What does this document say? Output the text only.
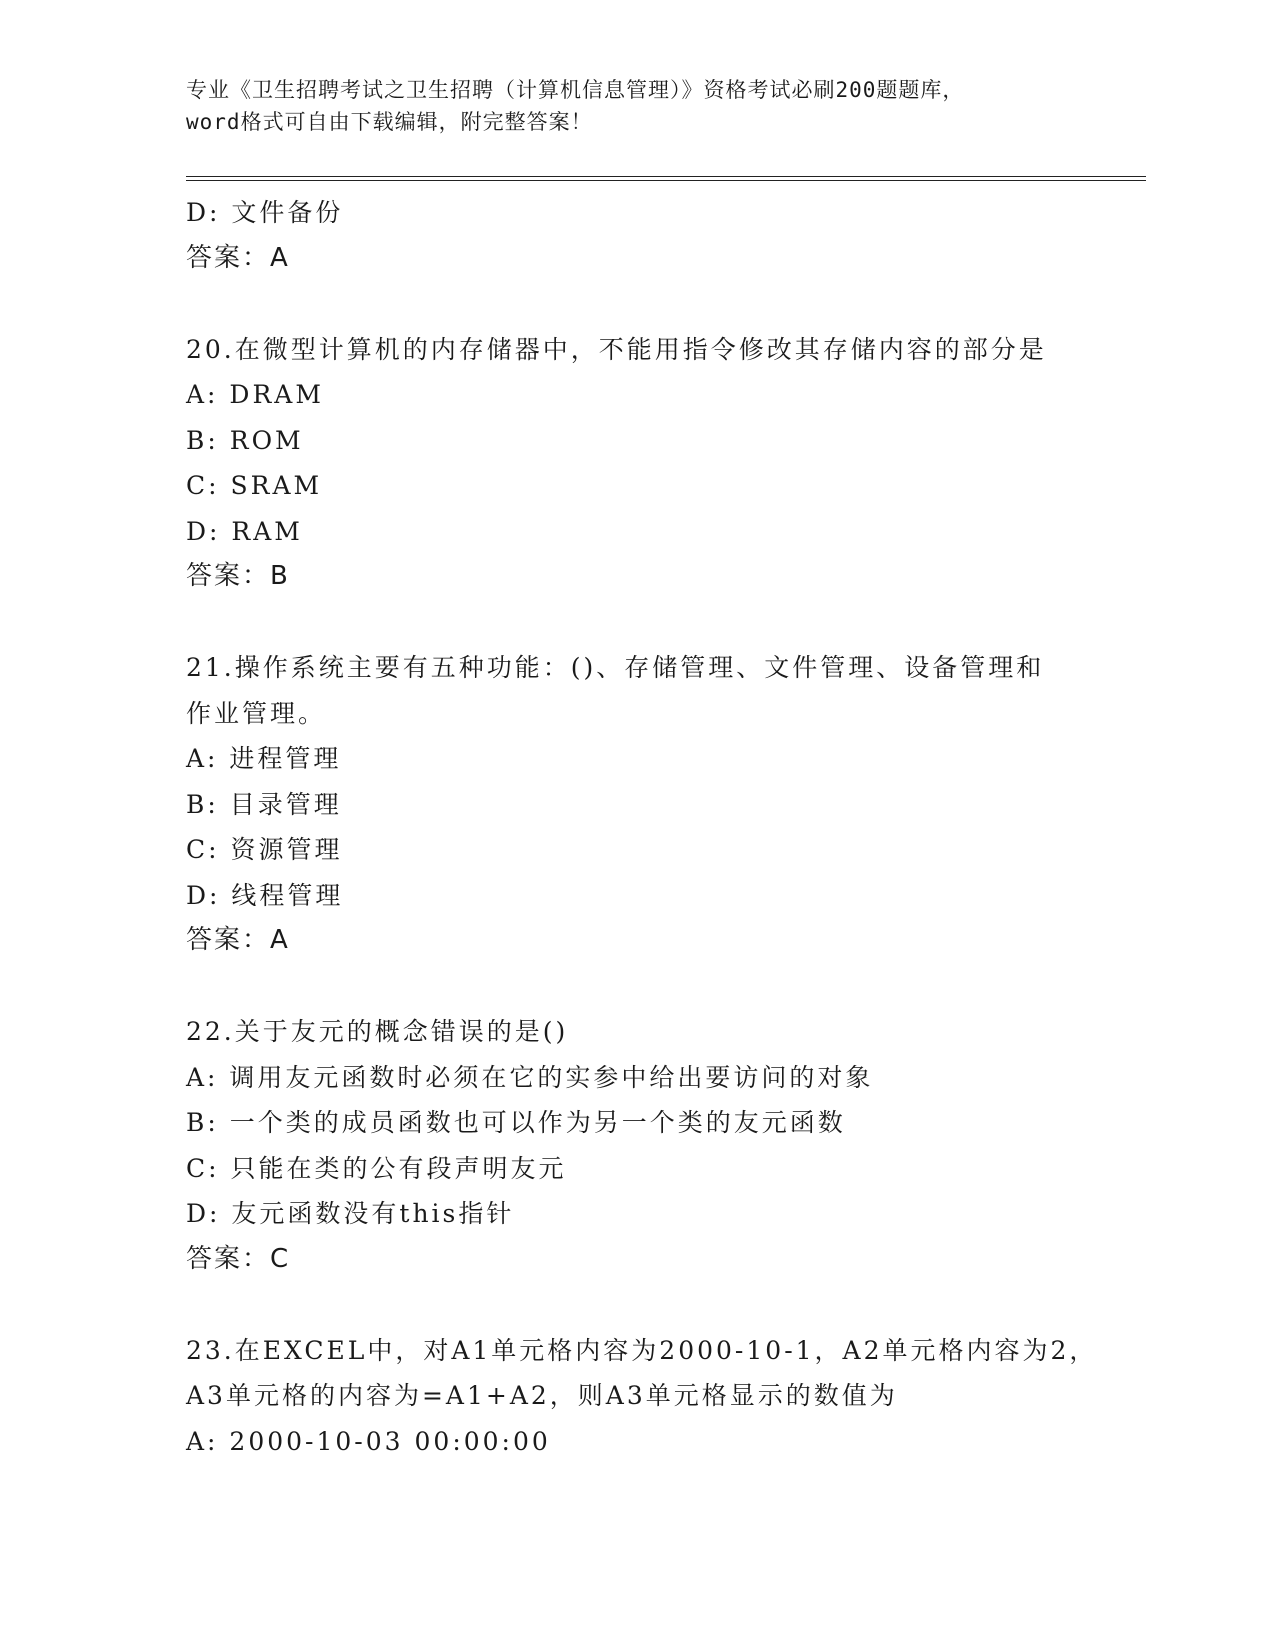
专业《卫生招聘考试之卫生招聘（计算机信息管理）》资格考试必刷200题题库，
word格式可自由下载编辑，附完整答案！
D: 文件备份
答案：A
20.在微型计算机的内存储器中，不能用指令修改其存储内容的部分是
A: DRAM
B: ROM
C: SRAM
D: RAM
答案：B
21.操作系统主要有五种功能：()、存储管理、文件管理、设备管理和
作业管理。
A: 进程管理
B: 目录管理
C: 资源管理
D: 线程管理
答案：A
22.关于友元的概念错误的是()
A: 调用友元函数时必须在它的实参中给出要访问的对象
B: 一个类的成员函数也可以作为另一个类的友元函数
C: 只能在类的公有段声明友元
D: 友元函数没有this指针
答案：C
23.在EXCEL中，对A1单元格内容为2000-10-1，A2单元格内容为2，
A3单元格的内容为=A1+A2，则A3单元格显示的数值为
A: 2000-10-03 00:00:00
